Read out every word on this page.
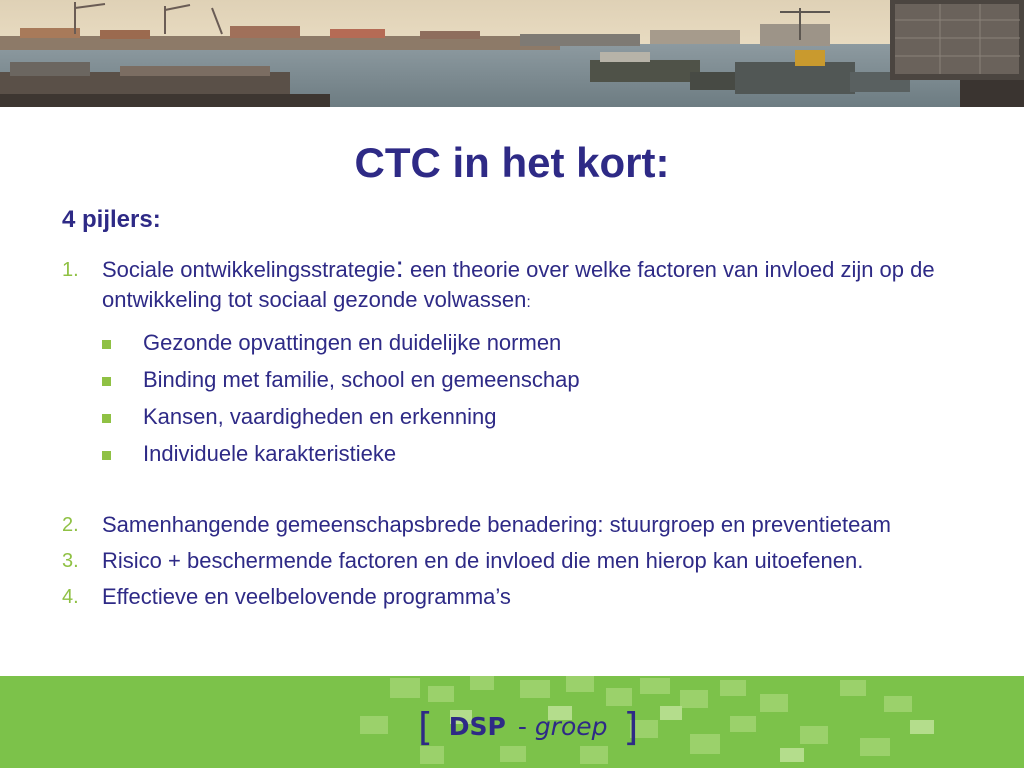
CTC in het kort:
4 pijlers:
1. Sociale ontwikkelingsstrategie: een theorie over welke factoren van invloed zijn op de ontwikkeling tot sociaal gezonde volwassen:
Gezonde opvattingen en duidelijke normen
Binding met familie, school en gemeenschap
Kansen, vaardigheden en erkenning
Individuele karakteristieke
2. Samenhangende gemeenschapsbrede benadering: stuurgroep en preventieteam
3. Risico + beschermende factoren en de invloed die men hierop kan uitoefenen.
4. Effectieve en veelbelovende programma’s
[ DSP - groep ]
